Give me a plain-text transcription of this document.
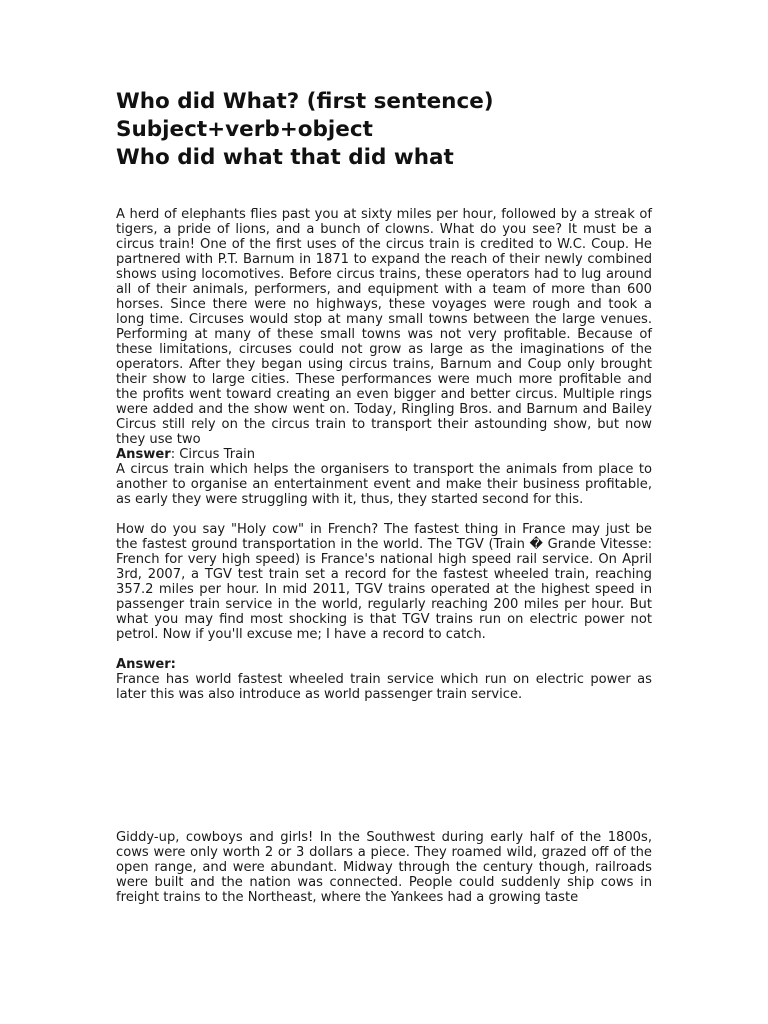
Who did What? (first sentence)
Subject+verb+object
Who did what that did what

A herd of elephants flies past you at sixty miles per hour, followed by a streak of tigers, a pride of lions, and a bunch of clowns. What do you see? It must be a circus train! One of the first uses of the circus train is credited to W.C. Coup. He partnered with P.T. Barnum in 1871 to expand the reach of their newly combined shows using locomotives. Before circus trains, these operators had to lug around all of their animals, performers, and equipment with a team of more than 600 horses. Since there were no highways, these voyages were rough and took a long time. Circuses would stop at many small towns between the large venues. Performing at many of these small towns was not very profitable. Because of these limitations, circuses could not grow as large as the imaginations of the operators. After they began using circus trains, Barnum and Coup only brought their show to large cities. These performances were much more profitable and the profits went toward creating an even bigger and better circus. Multiple rings were added and the show went on. Today, Ringling Bros. and Barnum and Bailey Circus still rely on the circus train to transport their astounding show, but now they use two

Answer: Circus Train

A circus train which helps the organisers to transport the animals from place to another to organise an entertainment event and make their business profitable, as early they were struggling with it, thus, they started second for this.

How do you say "Holy cow" in French? The fastest thing in France may just be the fastest ground transportation in the world. The TGV (Train � Grande Vitesse: French for very high speed) is France's national high speed rail service. On April 3rd, 2007, a TGV test train set a record for the fastest wheeled train, reaching 357.2 miles per hour. In mid 2011, TGV trains operated at the highest speed in passenger train service in the world, regularly reaching 200 miles per hour. But what you may find most shocking is that TGV trains run on electric power not petrol. Now if you'll excuse me; I have a record to catch.

Answer:

France has world fastest wheeled train service which run on electric power as later this was also introduce as world passenger train service.

Giddy-up, cowboys and girls! In the Southwest during early half of the 1800s, cows were only worth 2 or 3 dollars a piece. They roamed wild, grazed off of the open range, and were abundant. Midway through the century though, railroads were built and the nation was connected. People could suddenly ship cows in freight trains to the Northeast, where the Yankees had a growing taste
